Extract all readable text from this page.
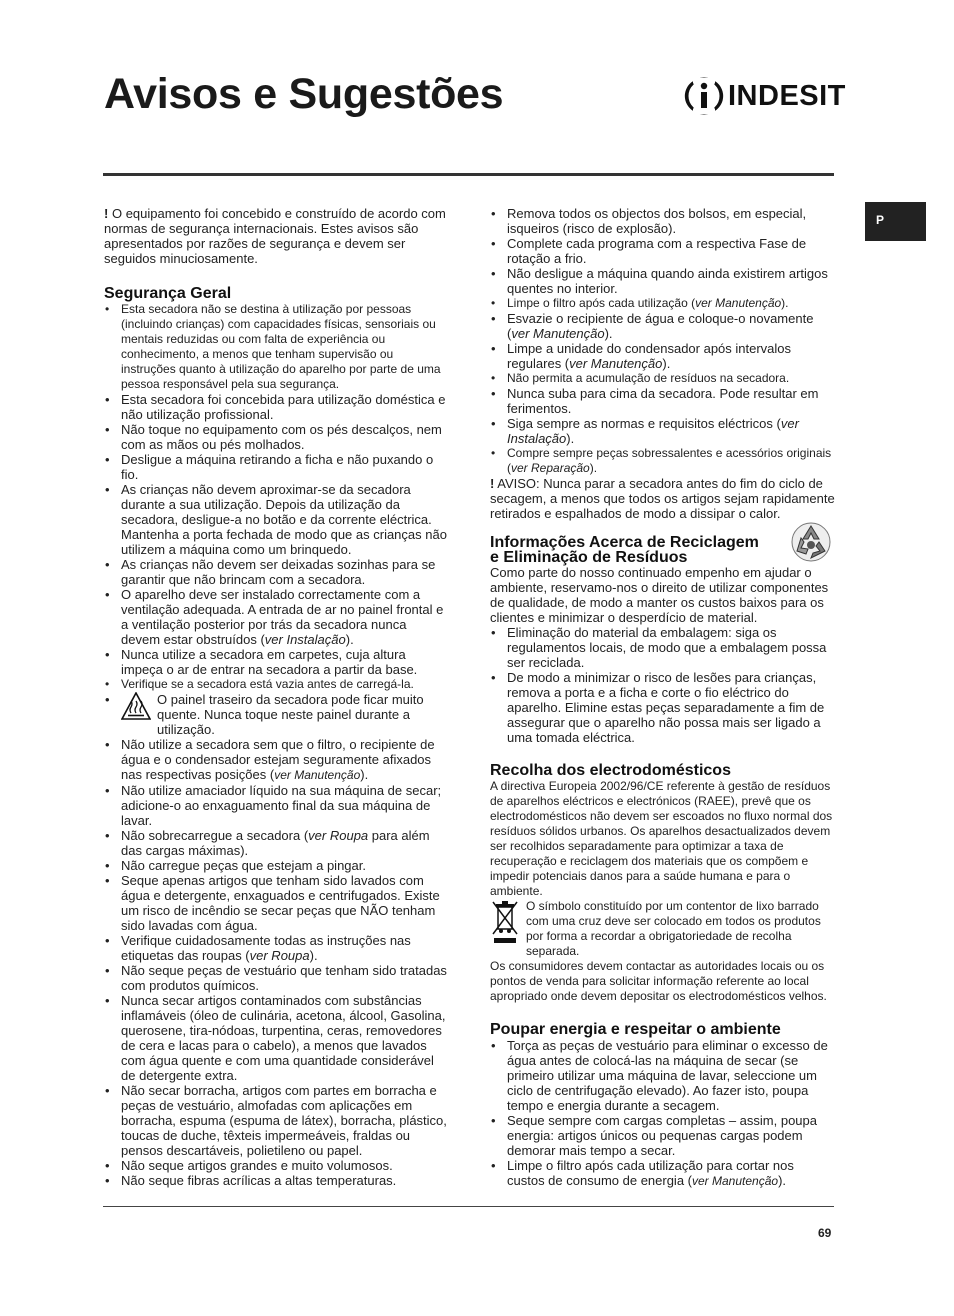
Avisos e Sugestões	INDESIT
P

! O equipamento foi concebido e construído de acordo com normas de segurança internacionais. Estes avisos são apresentados por razões de segurança e devem ser seguidos minuciosamente.

Segurança Geral
• Esta secadora não se destina à utilização por pessoas (incluindo crianças) com capacidades físicas, sensoriais ou mentais reduzidas ou com falta de experiência ou conhecimento, a menos que tenham supervisão ou instruções quanto à utilização do aparelho por parte de uma pessoa responsável pela sua segurança.
• Esta secadora foi concebida para utilização doméstica e não utilização profissional.
• Não toque no equipamento com os pés descalços, nem com as mãos ou pés molhados.
• Desligue a máquina retirando a ficha e não puxando o fio.
• As crianças não devem aproximar-se da secadora durante a sua utilização. Depois da utilização da secadora, desligue-a no botão e da corrente eléctrica. Mantenha a porta fechada de modo que as crianças não utilizem a máquina como um brinquedo.
• As crianças não devem ser deixadas sozinhas para se garantir que não brincam com a secadora.
• O aparelho deve ser instalado correctamente com a ventilação adequada. A entrada de ar no painel frontal e a ventilação posterior por trás da secadora nunca devem estar obstruídos (ver Instalação).
• Nunca utilize a secadora em carpetes, cuja altura impeça o ar de entrar na secadora a partir da base.
• Verifique se a secadora está vazia antes de carregá-la.
• O painel traseiro da secadora pode ficar muito quente. Nunca toque neste painel durante a utilização.
• Não utilize a secadora sem que o filtro, o recipiente de água e o condensador estejam seguramente afixados nas respectivas posições (ver Manutenção).
• Não utilize amaciador líquido na sua máquina de secar; adicione-o ao enxaguamento final da sua máquina de lavar.
• Não sobrecarregue a secadora (ver Roupa para além das cargas máximas).
• Não carregue peças que estejam a pingar.
• Seque apenas artigos que tenham sido lavados com água e detergente, enxaguados e centrifugados. Existe um risco de incêndio se secar peças que NÃO tenham sido lavadas com água.
• Verifique cuidadosamente todas as instruções nas etiquetas das roupas (ver Roupa).
• Não seque peças de vestuário que tenham sido tratadas com produtos químicos.
• Nunca secar artigos contaminados com substâncias inflamáveis (óleo de culinária, acetona, álcool, Gasolina, querosene, tira-nódoas, turpentina, ceras, removedores de cera e lacas para o cabelo), a menos que lavados com água quente e com uma quantidade considerável de detergente extra.
• Não secar borracha, artigos com partes em borracha e peças de vestuário, almofadas com aplicações em borracha, espuma (espuma de látex), borracha, plástico, toucas de duche, têxteis impermeáveis, fraldas ou pensos descartáveis, polietileno ou papel.
• Não seque artigos grandes e muito volumosos.
• Não seque fibras acrílicas a altas temperaturas.
• Remova todos os objectos dos bolsos, em especial, isqueiros (risco de explosão).
• Complete cada programa com a respectiva Fase de rotação a frio.
• Não desligue a máquina quando ainda existirem artigos quentes no interior.
• Limpe o filtro após cada utilização (ver Manutenção).
• Esvazie o recipiente de água e coloque-o novamente (ver Manutenção).
• Limpe a unidade do condensador após intervalos regulares (ver Manutenção).
• Não permita a acumulação de resíduos na secadora.
• Nunca suba para cima da secadora. Pode resultar em ferimentos.
• Siga sempre as normas e requisitos eléctricos (ver Instalação).
• Compre sempre peças sobressalentes e acessórios originais (ver Reparação).

! AVISO: Nunca parar a secadora antes do fim do ciclo de secagem, a menos que todos os artigos sejam rapidamente retirados e espalhados de modo a dissipar o calor.

Informações Acerca de Reciclagem
e Eliminação de Resíduos

Como parte do nosso continuado empenho em ajudar o ambiente, reservamo-nos o direito de utilizar componentes de qualidade, de modo a manter os custos baixos para os clientes e minimizar o desperdício de material.

• Eliminação do material da embalagem: siga os regulamentos locais, de modo que a embalagem possa ser reciclada.
• De modo a minimizar o risco de lesões para crianças, remova a porta e a ficha e corte o fio eléctrico do aparelho. Elimine estas peças separadamente a fim de assegurar que o aparelho não possa mais ser ligado a uma tomada eléctrica.
Recolha dos electrodomésticos

A directiva Europeia 2002/96/CE referente à gestão de resíduos de aparelhos eléctricos e electrónicos (RAEE), prevê que os electrodomésticos não devem ser escoados no fluxo normal dos resíduos sólidos urbanos. Os aparelhos desactualizados devem ser recolhidos separadamente para optimizar a taxa de recuperação e reciclagem dos materiais que os compõem e impedir potenciais danos para a saúde humana e para o ambiente.

O símbolo constituído por um contentor de lixo barrado com uma cruz deve ser colocado em todos os produtos por forma a recordar a obrigatoriedade de recolha separada.

Os consumidores devem contactar as autoridades locais ou os pontos de venda para solicitar informação referente ao local apropriado onde devem depositar os electrodomésticos velhos.

Poupar energia e respeitar o ambiente
• Torça as peças de vestuário para eliminar o excesso de água antes de colocá-las na máquina de secar (se primeiro utilizar uma máquina de lavar, seleccione um ciclo de centrifugação elevado). Ao fazer isto, poupa tempo e energia durante a secagem.
• Seque sempre com cargas completas – assim, poupa energia: artigos únicos ou pequenas cargas podem demorar mais tempo a secar.
• Limpe o filtro após cada utilização para cortar nos custos de consumo de energia (ver Manutenção).
69
